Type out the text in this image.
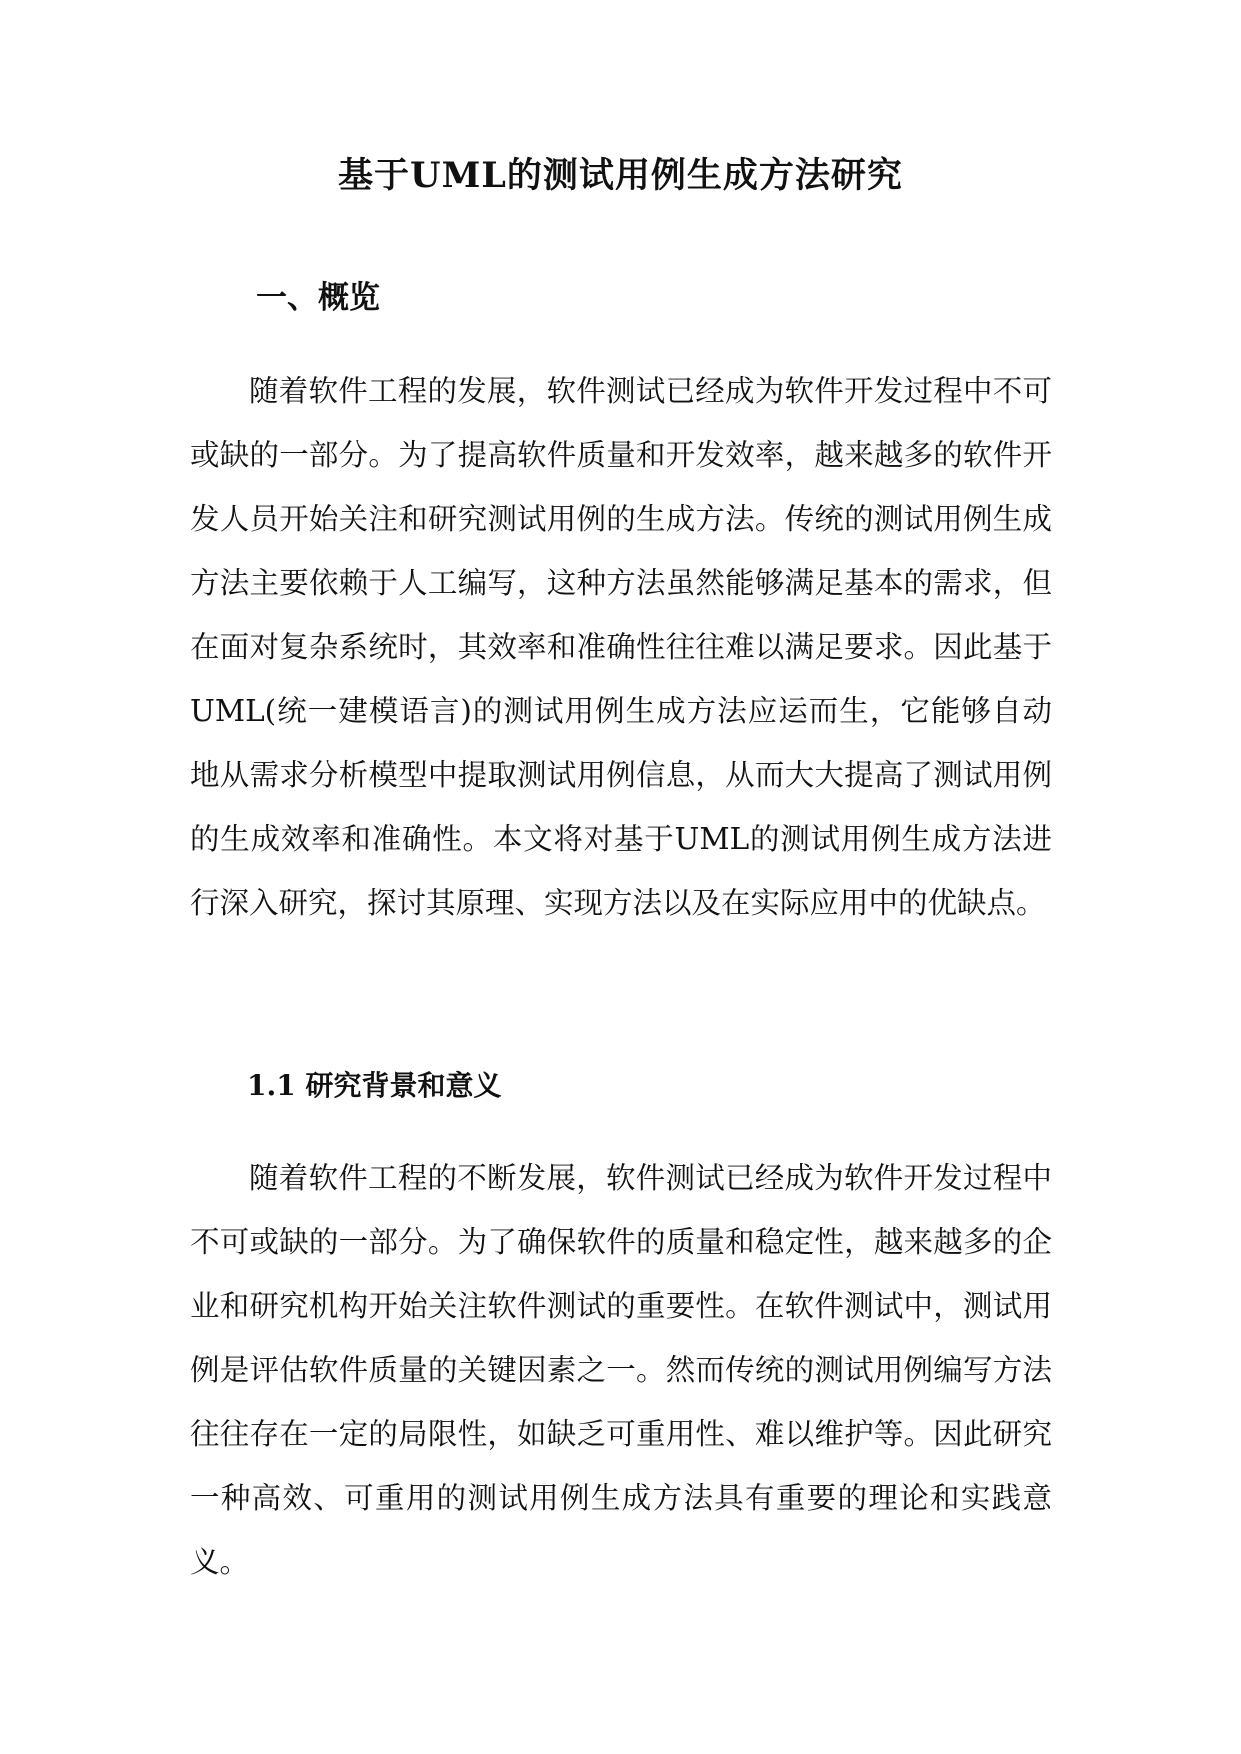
基于UML的测试用例生成方法研究
一、概览

随着软件工程的发展，软件测试已经成为软件开发过程中不可或缺的一部分。为了提高软件质量和开发效率，越来越多的软件开发人员开始关注和研究测试用例的生成方法。传统的测试用例生成方法主要依赖于人工编写，这种方法虽然能够满足基本的需求，但在面对复杂系统时，其效率和准确性往往难以满足要求。因此基于UML(统一建模语言)的测试用例生成方法应运而生，它能够自动地从需求分析模型中提取测试用例信息，从而大大提高了测试用例的生成效率和准确性。本文将对基于UML的测试用例生成方法进行深入研究，探讨其原理、实现方法以及在实际应用中的优缺点。

1.1 研究背景和意义

随着软件工程的不断发展，软件测试已经成为软件开发过程中不可或缺的一部分。为了确保软件的质量和稳定性，越来越多的企业和研究机构开始关注软件测试的重要性。在软件测试中，测试用例是评估软件质量的关键因素之一。然而传统的测试用例编写方法往往存在一定的局限性，如缺乏可重用性、难以维护等。因此研究一种高效、可重用的测试用例生成方法具有重要的理论和实践意义。
